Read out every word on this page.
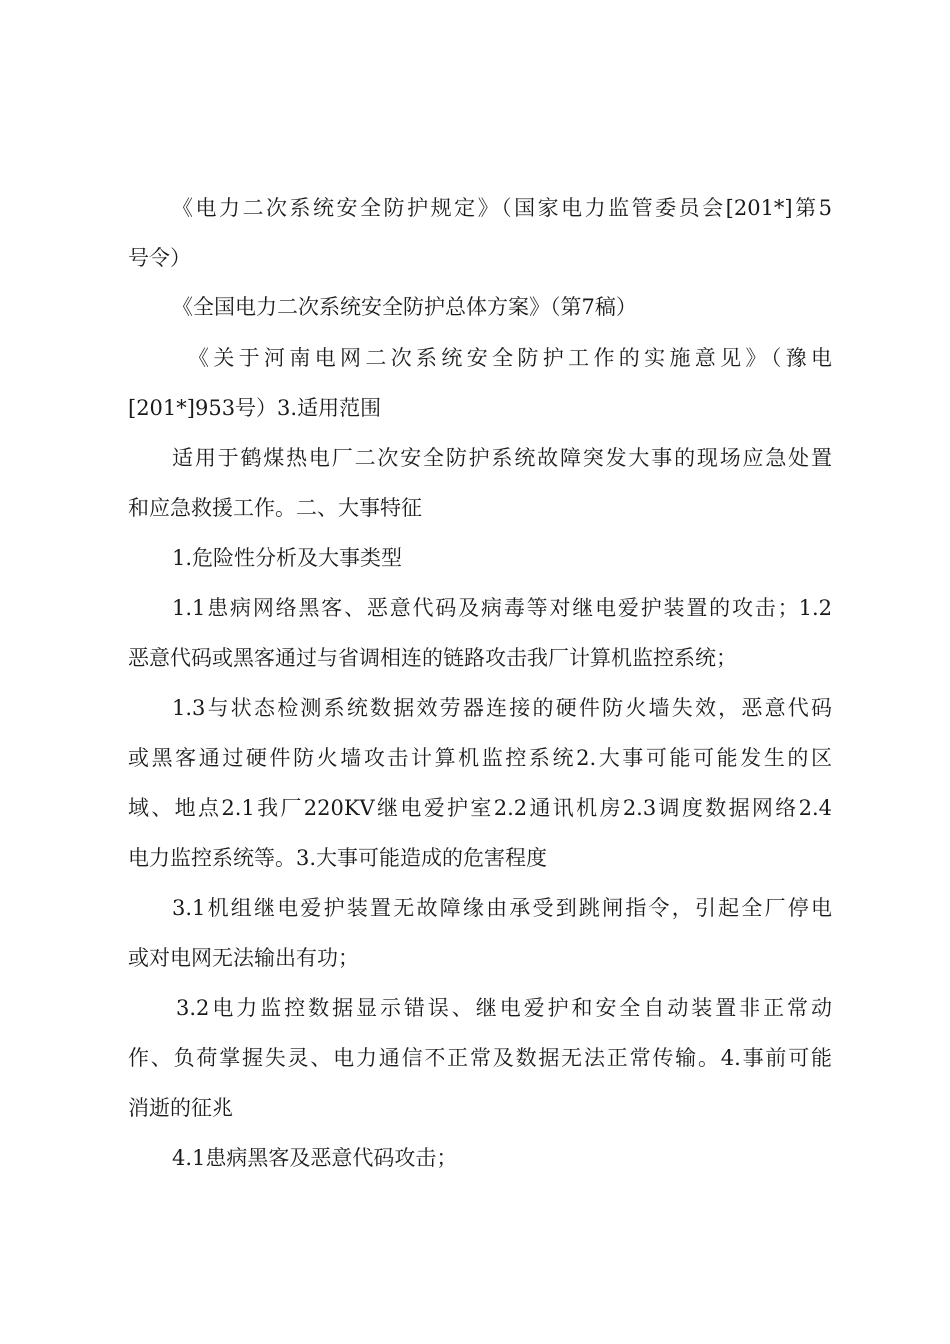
《电力二次系统安全防护规定》（国家电力监管委员会[201*]第5
号令）
《全国电力二次系统安全防护总体方案》（第7稿）
《关于河南电网二次系统安全防护工作的实施意见》（豫电
[201*]953号）3.适用范围
适用于鹤煤热电厂二次安全防护系统故障突发大事的现场应急处置
和应急救援工作。二、大事特征
1.危险性分析及大事类型
1.1患病网络黑客、恶意代码及病毒等对继电爱护装置的攻击；1.2
恶意代码或黑客通过与省调相连的链路攻击我厂计算机监控系统；
1.3与状态检测系统数据效劳器连接的硬件防火墙失效，恶意代码
或黑客通过硬件防火墙攻击计算机监控系统2.大事可能可能发生的区
域、地点2.1我厂220KV继电爱护室2.2通讯机房2.3调度数据网络2.4
电力监控系统等。3.大事可能造成的危害程度
3.1机组继电爱护装置无故障缘由承受到跳闸指令，引起全厂停电
或对电网无法输出有功；
3.2电力监控数据显示错误、继电爱护和安全自动装置非正常动
作、负荷掌握失灵、电力通信不正常及数据无法正常传输。4.事前可能
消逝的征兆
4.1患病黑客及恶意代码攻击；
